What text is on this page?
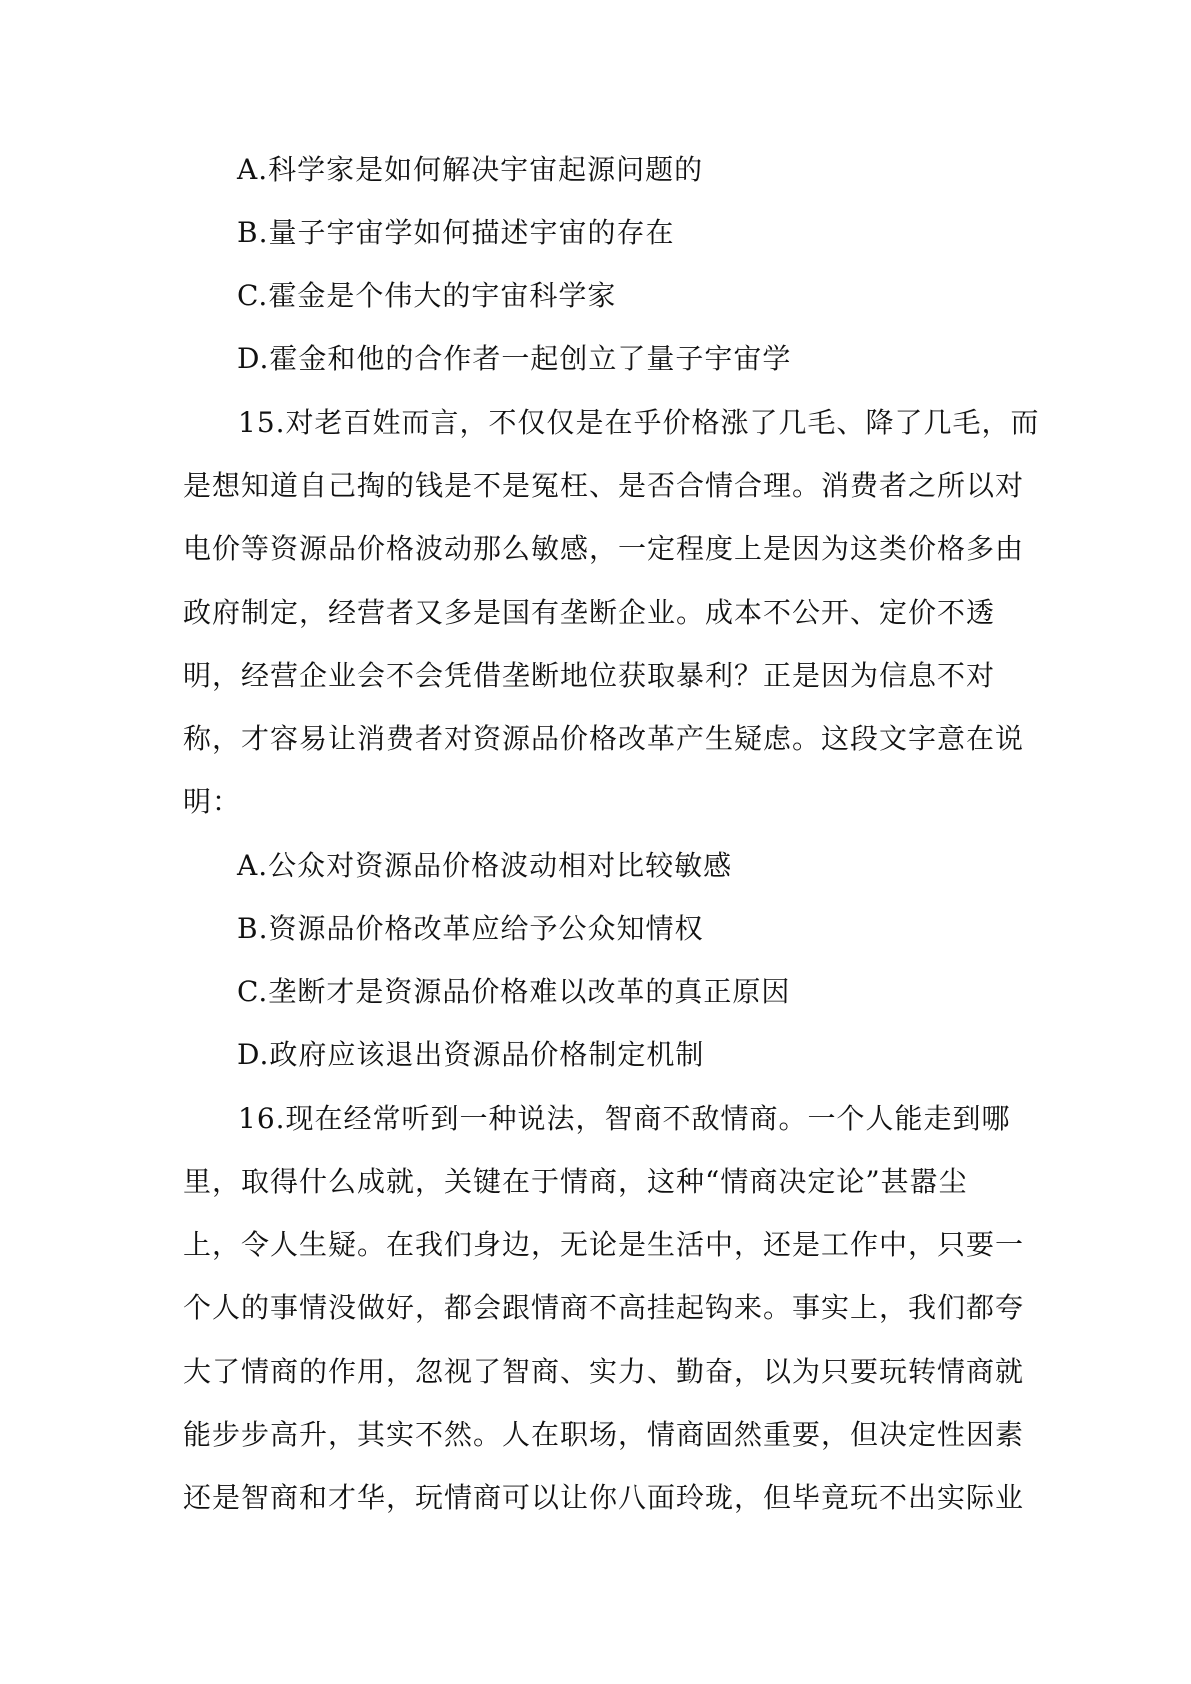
A.科学家是如何解决宇宙起源问题的
B.量子宇宙学如何描述宇宙的存在
C.霍金是个伟大的宇宙科学家
D.霍金和他的合作者一起创立了量子宇宙学
15.对老百姓而言，不仅仅是在乎价格涨了几毛、降了几毛，而
是想知道自己掏的钱是不是冤枉、是否合情合理。消费者之所以对
电价等资源品价格波动那么敏感，一定程度上是因为这类价格多由
政府制定，经营者又多是国有垄断企业。成本不公开、定价不透
明，经营企业会不会凭借垄断地位获取暴利？正是因为信息不对
称，才容易让消费者对资源品价格改革产生疑虑。这段文字意在说
明：
A.公众对资源品价格波动相对比较敏感
B.资源品价格改革应给予公众知情权
C.垄断才是资源品价格难以改革的真正原因
D.政府应该退出资源品价格制定机制
16.现在经常听到一种说法，智商不敌情商。一个人能走到哪
里，取得什么成就，关键在于情商，这种“情商决定论”甚嚣尘
上，令人生疑。在我们身边，无论是生活中，还是工作中，只要一
个人的事情没做好，都会跟情商不高挂起钩来。事实上，我们都夸
大了情商的作用，忽视了智商、实力、勤奋，以为只要玩转情商就
能步步高升，其实不然。人在职场，情商固然重要，但决定性因素
还是智商和才华，玩情商可以让你八面玲珑，但毕竟玩不出实际业
